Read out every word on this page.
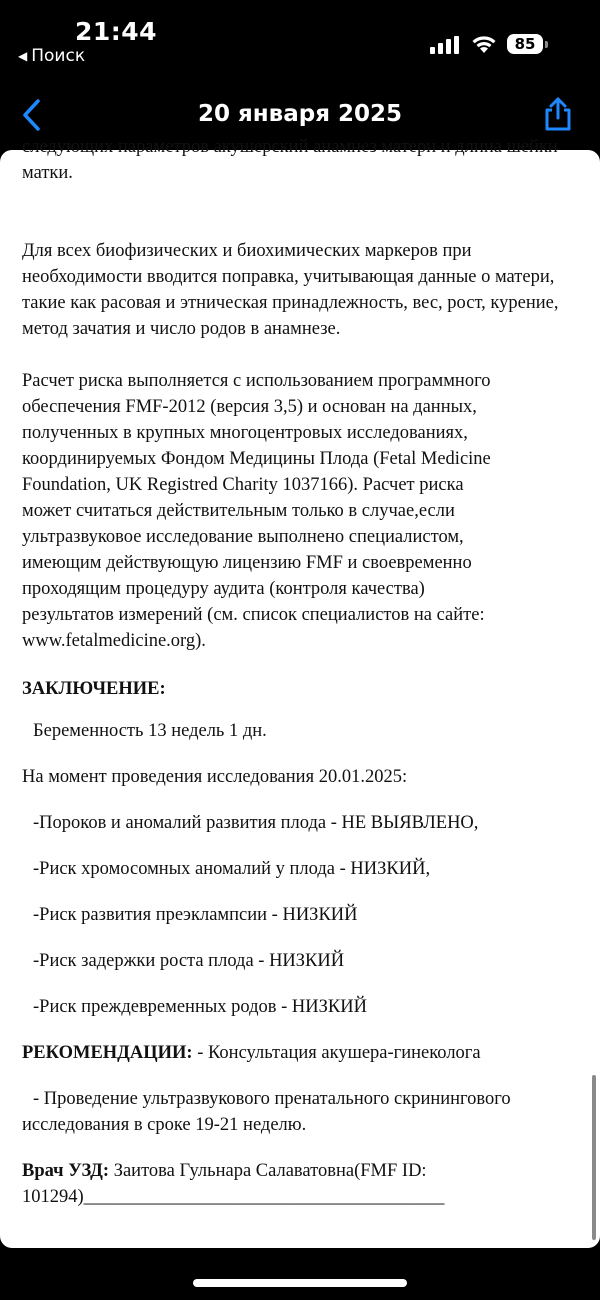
21:44
◀ Поиск
85
20 января 2025

следующих параметров акушерский анамнез матери и длина шейки матки.

Для всех биофизических и биохимических маркеров при необходимости вводится поправка, учитывающая данные о матери, такие как расовая и этническая принадлежность, вес, рост, курение, метод зачатия и число родов в анамнезе.

Расчет риска выполняется с использованием программного
обеспечения FMF-2012 (версия 3,5) и основан на данных,
полученных в крупных многоцентровых исследованиях,
координируемых Фондом Медицины Плода (Fetal Medicine
Foundation, UK Registred Charity 1037166). Расчет риска
может считаться действительным только в случае,если
ультразвуковое исследование выполнено специалистом,
имеющим действующую лицензию FMF и своевременно
проходящим процедуру аудита (контроля качества)
результатов измерений (см. список специалистов на сайте:
www.fetalmedicine.org).

ЗАКЛЮЧЕНИЕ:

Беременность 13 недель 1 дн.

На момент проведения исследования 20.01.2025:

-Пороков и аномалий развития плода - НЕ ВЫЯВЛЕНО,

-Риск хромосомных аномалий у плода - НИЗКИЙ,

-Риск развития преэклампсии - НИЗКИЙ

-Риск задержки роста плода - НИЗКИЙ

-Риск преждевременных родов - НИЗКИЙ

РЕКОМЕНДАЦИИ: - Консультация акушера-гинеколога

- Проведение ультразвукового пренатального скринингового исследования в сроке 19-21 неделю.

Врач УЗД: Заитова Гульнара Салаватовна(FMF ID: 101294)_______________________________________
